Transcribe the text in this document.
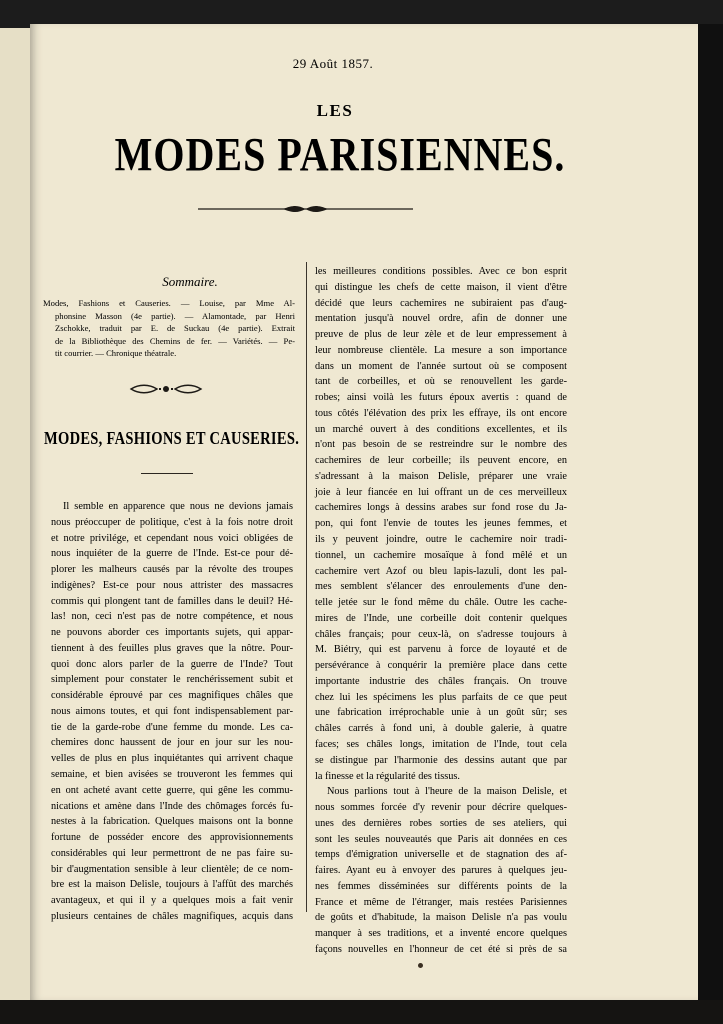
29 Août 1857.
LES
MODES PARISIENNES.
Sommaire.

Modes, Fashions et Causeries. — Louise, par Mme Al-

phonsine Masson (4e partie). — Alamontade, par Henri

Zschokke, traduit par E. de Suckau (4e partie). Extrait

de la Bibliothèque des Chemins de fer. — Variétés. — Pe-

tit courrier. — Chronique théatrale.

MODES, FASHIONS ET CAUSERIES.
Il semble en apparence que nous ne devions jamais
nous préoccuper de politique, c'est à la fois notre droit
et notre privilége, et cependant nous voici obligées de
nous inquiéter de la guerre de l'Inde. Est-ce pour dé-
plorer les malheurs causés par la révolte des troupes
indigènes? Est-ce pour nous attrister des massacres
commis qui plongent tant de familles dans le deuil? Hé-
las! non, ceci n'est pas de notre compétence, et nous
ne pouvons aborder ces importants sujets, qui appar-
tiennent à des feuilles plus graves que la nôtre. Pour-
quoi donc alors parler de la guerre de l'Inde? Tout
simplement pour constater le renchérissement subit et
considérable éprouvé par ces magnifiques châles que
nous aimons toutes, et qui font indispensablement par-
tie de la garde-robe d'une femme du monde. Les ca-
chemires donc haussent de jour en jour sur les nou-
velles de plus en plus inquiétantes qui arrivent chaque
semaine, et bien avisées se trouveront les femmes qui
en ont acheté avant cette guerre, qui gêne les commu-
nications et amène dans l'Inde des chômages forcés fu-
nestes à la fabrication. Quelques maisons ont la bonne
fortune de posséder encore des approvisionnements
considérables qui leur permettront de ne pas faire su-
bir d'augmentation sensible à leur clientèle; de ce nom-
bre est la maison Delisle, toujours à l'affût des marchés
avantageux, et qui il y a quelques mois a fait venir
plusieurs centaines de châles magnifiques, acquis dans
les meilleures conditions possibles. Avec ce bon esprit
qui distingue les chefs de cette maison, il vient d'être
décidé que leurs cachemires ne subiraient pas d'aug-
mentation jusqu'à nouvel ordre, afin de donner une
preuve de plus de leur zèle et de leur empressement à
leur nombreuse clientèle. La mesure a son importance
dans un moment de l'année surtout où se composent
tant de corbeilles, et où se renouvellent les garde-
robes; ainsi voilà les futurs époux avertis : quand de
tous côtés l'élévation des prix les effraye, ils ont encore
un marché ouvert à des conditions excellentes, et ils
n'ont pas besoin de se restreindre sur le nombre des
cachemires de leur corbeille; ils peuvent encore, en
s'adressant à la maison Delisle, préparer une vraie
joie à leur fiancée en lui offrant un de ces merveilleux
cachemires longs à dessins arabes sur fond rose du Ja-
pon, qui font l'envie de toutes les jeunes femmes, et
ils y peuvent joindre, outre le cachemire noir tradi-
tionnel, un cachemire mosaïque à fond mêlé et un
cachemire vert Azof ou bleu lapis-lazuli, dont les pal-
mes semblent s'élancer des enroulements d'une den-
telle jetée sur le fond même du châle. Outre les cache-
mires de l'Inde, une corbeille doit contenir quelques
châles français; pour ceux-là, on s'adresse toujours à
M. Biétry, qui est parvenu à force de loyauté et de
persévérance à conquérir la première place dans cette
importante industrie des châles français. On trouve
chez lui les spécimens les plus parfaits de ce que peut
une fabrication irréprochable unie à un goût sûr; ses
châles carrés à fond uni, à double galerie, à quatre
faces; ses châles longs, imitation de l'Inde, tout cela
se distingue par l'harmonie des dessins autant que par
la finesse et la régularité des tissus.
Nous parlions tout à l'heure de la maison Delisle, et
nous sommes forcée d'y revenir pour décrire quelques-
unes des dernières robes sorties de ses ateliers, qui
sont les seules nouveautés que Paris ait données en ces
temps d'émigration universelle et de stagnation des af-
faires. Ayant eu à envoyer des parures à quelques jeu-
nes femmes disséminées sur différents points de la
France et même de l'étranger, mais restées Parisiennes
de goûts et d'habitude, la maison Delisle n'a pas voulu
manquer à ses traditions, et a inventé encore quelques
façons nouvelles en l'honneur de cet été si près de sa
